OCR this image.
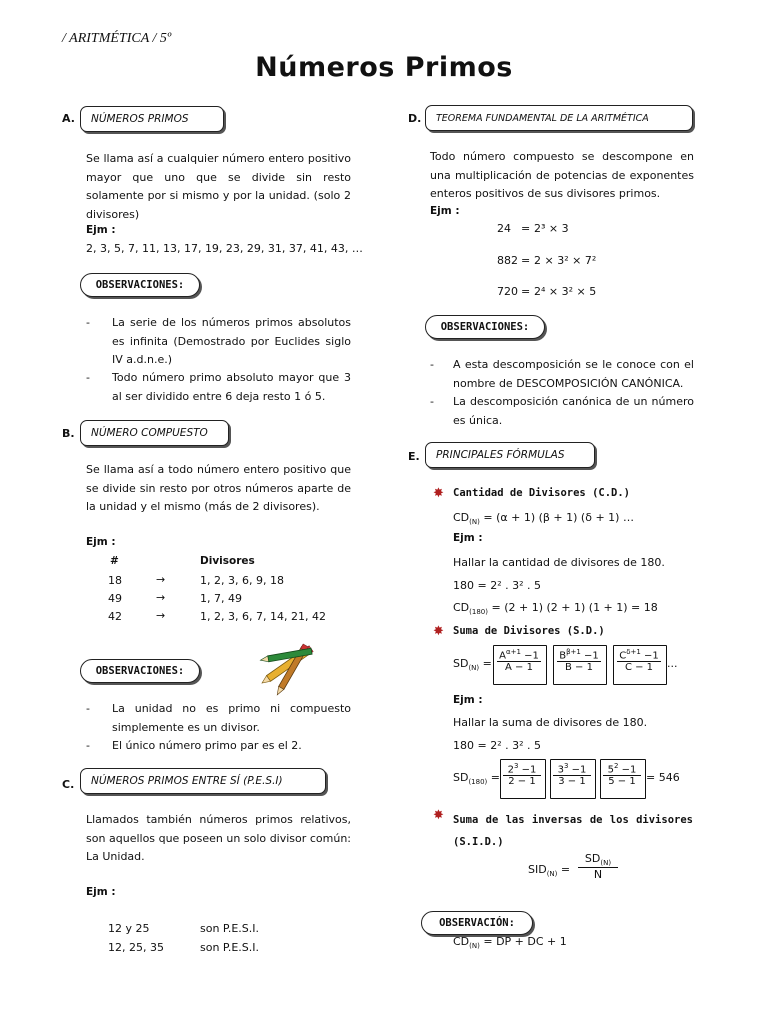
/ ARITMÉTICA / 5º
Números Primos
A.	NÚMEROS PRIMOS
Se llama así a cualquier número entero positivo mayor que uno que se divide sin resto solamente por si mismo y por la unidad. (solo 2 divisores)
Ejm :
2, 3, 5, 7, 11, 13, 17, 19, 23, 29, 31, 37, 41, 43, …
OBSERVACIONES:
- La serie de los números primos absolutos es infinita (Demostrado por Euclides siglo IV a.d.n.e.)
- Todo número primo absoluto mayor que 3 al ser dividido entre 6 deja resto 1 ó 5.
B.	NÚMERO COMPUESTO
Se llama así a todo número entero positivo que se divide sin resto por otros números aparte de la unidad y el mismo (más de 2 divisores).
Ejm :
#	Divisores
18	→	1, 2, 3, 6, 9, 18
49	→	1, 7, 49
42	→	1, 2, 3, 6, 7, 14, 21, 42
OBSERVACIONES:
- La unidad no es primo ni compuesto simplemente es un divisor.
- El único número primo par es el 2.
C.	NÚMEROS PRIMOS ENTRE SÍ (P.E.S.I)
Llamados también números primos relativos, son aquellos que poseen un solo divisor común: La Unidad.
Ejm :
12 y 25	son P.E.S.I.
12, 25, 35	son P.E.S.I.
D.	TEOREMA FUNDAMENTAL DE LA ARITMÉTICA
Todo número compuesto se descompone en una multiplicación de potencias de exponentes enteros positivos de sus divisores primos.
Ejm :
24 = 2³ × 3
882 = 2 × 3² × 7²
720 = 2⁴ × 3² × 5
OBSERVACIONES:
- A esta descomposición se le conoce con el nombre de DESCOMPOSICIÓN CANÓNICA.
- La descomposición canónica de un número es única.
E.	PRINCIPALES FÓRMULAS
✸ Cantidad de Divisores (C.D.)
$CD_{(N)} = (\alpha + 1) (\beta + 1) (\delta + 1)$ …
Ejm :
Hallar la cantidad de divisores de 180.
180 = 2² . 3² . 5
$CD_{(180)} = (2 + 1) (2 + 1) (1 + 1) = 18$
✸ Suma de Divisores (S.D.)
$SD_{(N)} = \frac{A^{\alpha+1} -1}{A - 1} \frac{B^{\beta+1} -1}{B - 1} \frac{C^{\delta+1} -1}{C - 1}$ ...
Ejm :
Hallar la suma de divisores de 180.
180 = 2² . 3² . 5
$SD_{(180)} = \frac{2^3 -1}{2 - 1} \frac{3^3 -1}{3 - 1} \frac{5^2 -1}{5 - 1} = 546$
✸ Suma de las inversas de los divisores (S.I.D.)
$SID_{(N)} = \frac{SD_{(N)}}{N}$
OBSERVACIÓN:
$CD_{(N)}$ = DP + DC + 1
